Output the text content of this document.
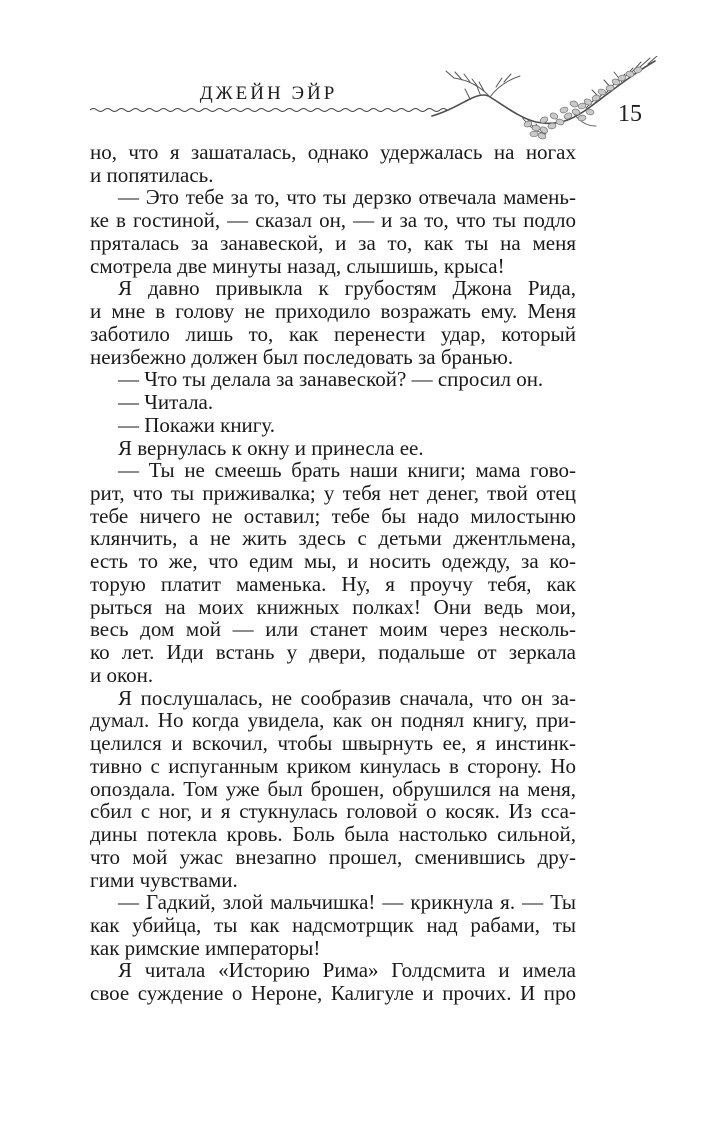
ДЖЕЙН ЭЙР
15
но, что я зашаталась, однако удержалась на ногах
и попятилась.
— Это тебе за то, что ты дерзко отвечала мамень-
ке в гостиной, — сказал он, — и за то, что ты подло
пряталась за занавеской, и за то, как ты на меня
смотрела две минуты назад, слышишь, крыса!
Я давно привыкла к грубостям Джона Рида,
и мне в голову не приходило возражать ему. Меня
заботило лишь то, как перенести удар, который
неизбежно должен был последовать за бранью.
— Что ты делала за занавеской? — спросил он.
— Читала.
— Покажи книгу.
Я вернулась к окну и принесла ее.
— Ты не смеешь брать наши книги; мама гово-
рит, что ты приживалка; у тебя нет денег, твой отец
тебе ничего не оставил; тебе бы надо милостыню
клянчить, а не жить здесь с детьми джентльмена,
есть то же, что едим мы, и носить одежду, за ко-
торую платит маменька. Ну, я проучу тебя, как
рыться на моих книжных полках! Они ведь мои,
весь дом мой — или станет моим через несколь-
ко лет. Иди встань у двери, подальше от зеркала
и окон.
Я послушалась, не сообразив сначала, что он за-
думал. Но когда увидела, как он поднял книгу, при-
целился и вскочил, чтобы швырнуть ее, я инстинк-
тивно с испуганным криком кинулась в сторону. Но
опоздала. Том уже был брошен, обрушился на меня,
сбил с ног, и я стукнулась головой о косяк. Из сса-
дины потекла кровь. Боль была настолько сильной,
что мой ужас внезапно прошел, сменившись дру-
гими чувствами.
— Гадкий, злой мальчишка! — крикнула я. — Ты
как убийца, ты как надсмотрщик над рабами, ты
как римские императоры!
Я читала «Историю Рима» Голдсмита и имела
свое суждение о Нероне, Калигуле и прочих. И про
